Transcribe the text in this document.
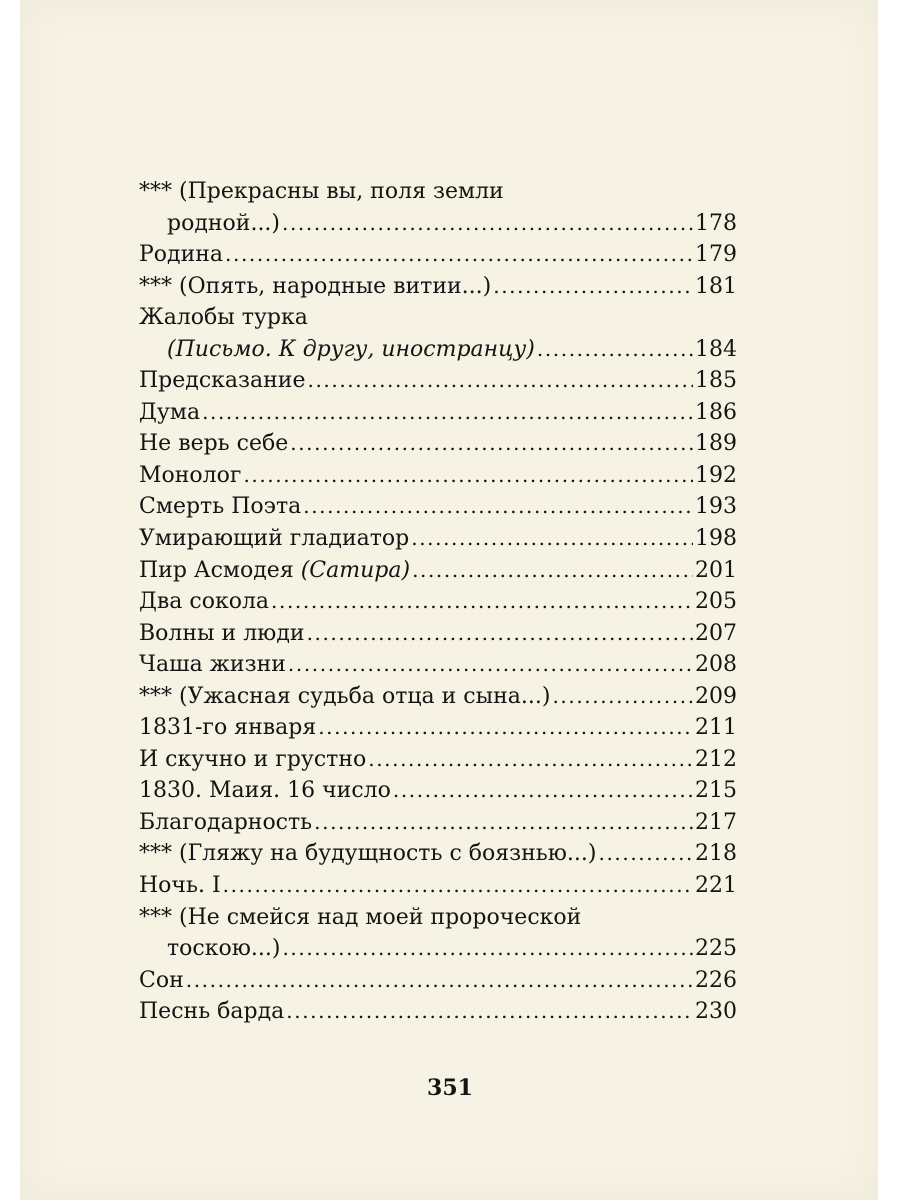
*** (Прекрасны вы, поля земли
родной...) .....	178
Родина .....	179
*** (Опять, народные витии...) .....	181
Жалобы турка
(Письмо. К другу, иностранцу) .....	184
Предсказание .....	185
Дума .....	186
Не верь себе .....	189
Монолог .....	192
Смерть Поэта .....	193
Умирающий гладиатор .....	198
Пир Асмодея (Сатира) .....	201
Два сокола .....	205
Волны и люди .....	207
Чаша жизни .....	208
*** (Ужасная судьба отца и сына...) .....	209
1831-го января .....	211
И скучно и грустно .....	212
1830. Маия. 16 число .....	215
Благодарность .....	217
*** (Гляжу на будущность с боязнью...) .....	218
Ночь. I .....	221
*** (Не смейся над моей пророческой
тоскою...) .....	225
Сон .....	226
Песнь барда .....	230
351
